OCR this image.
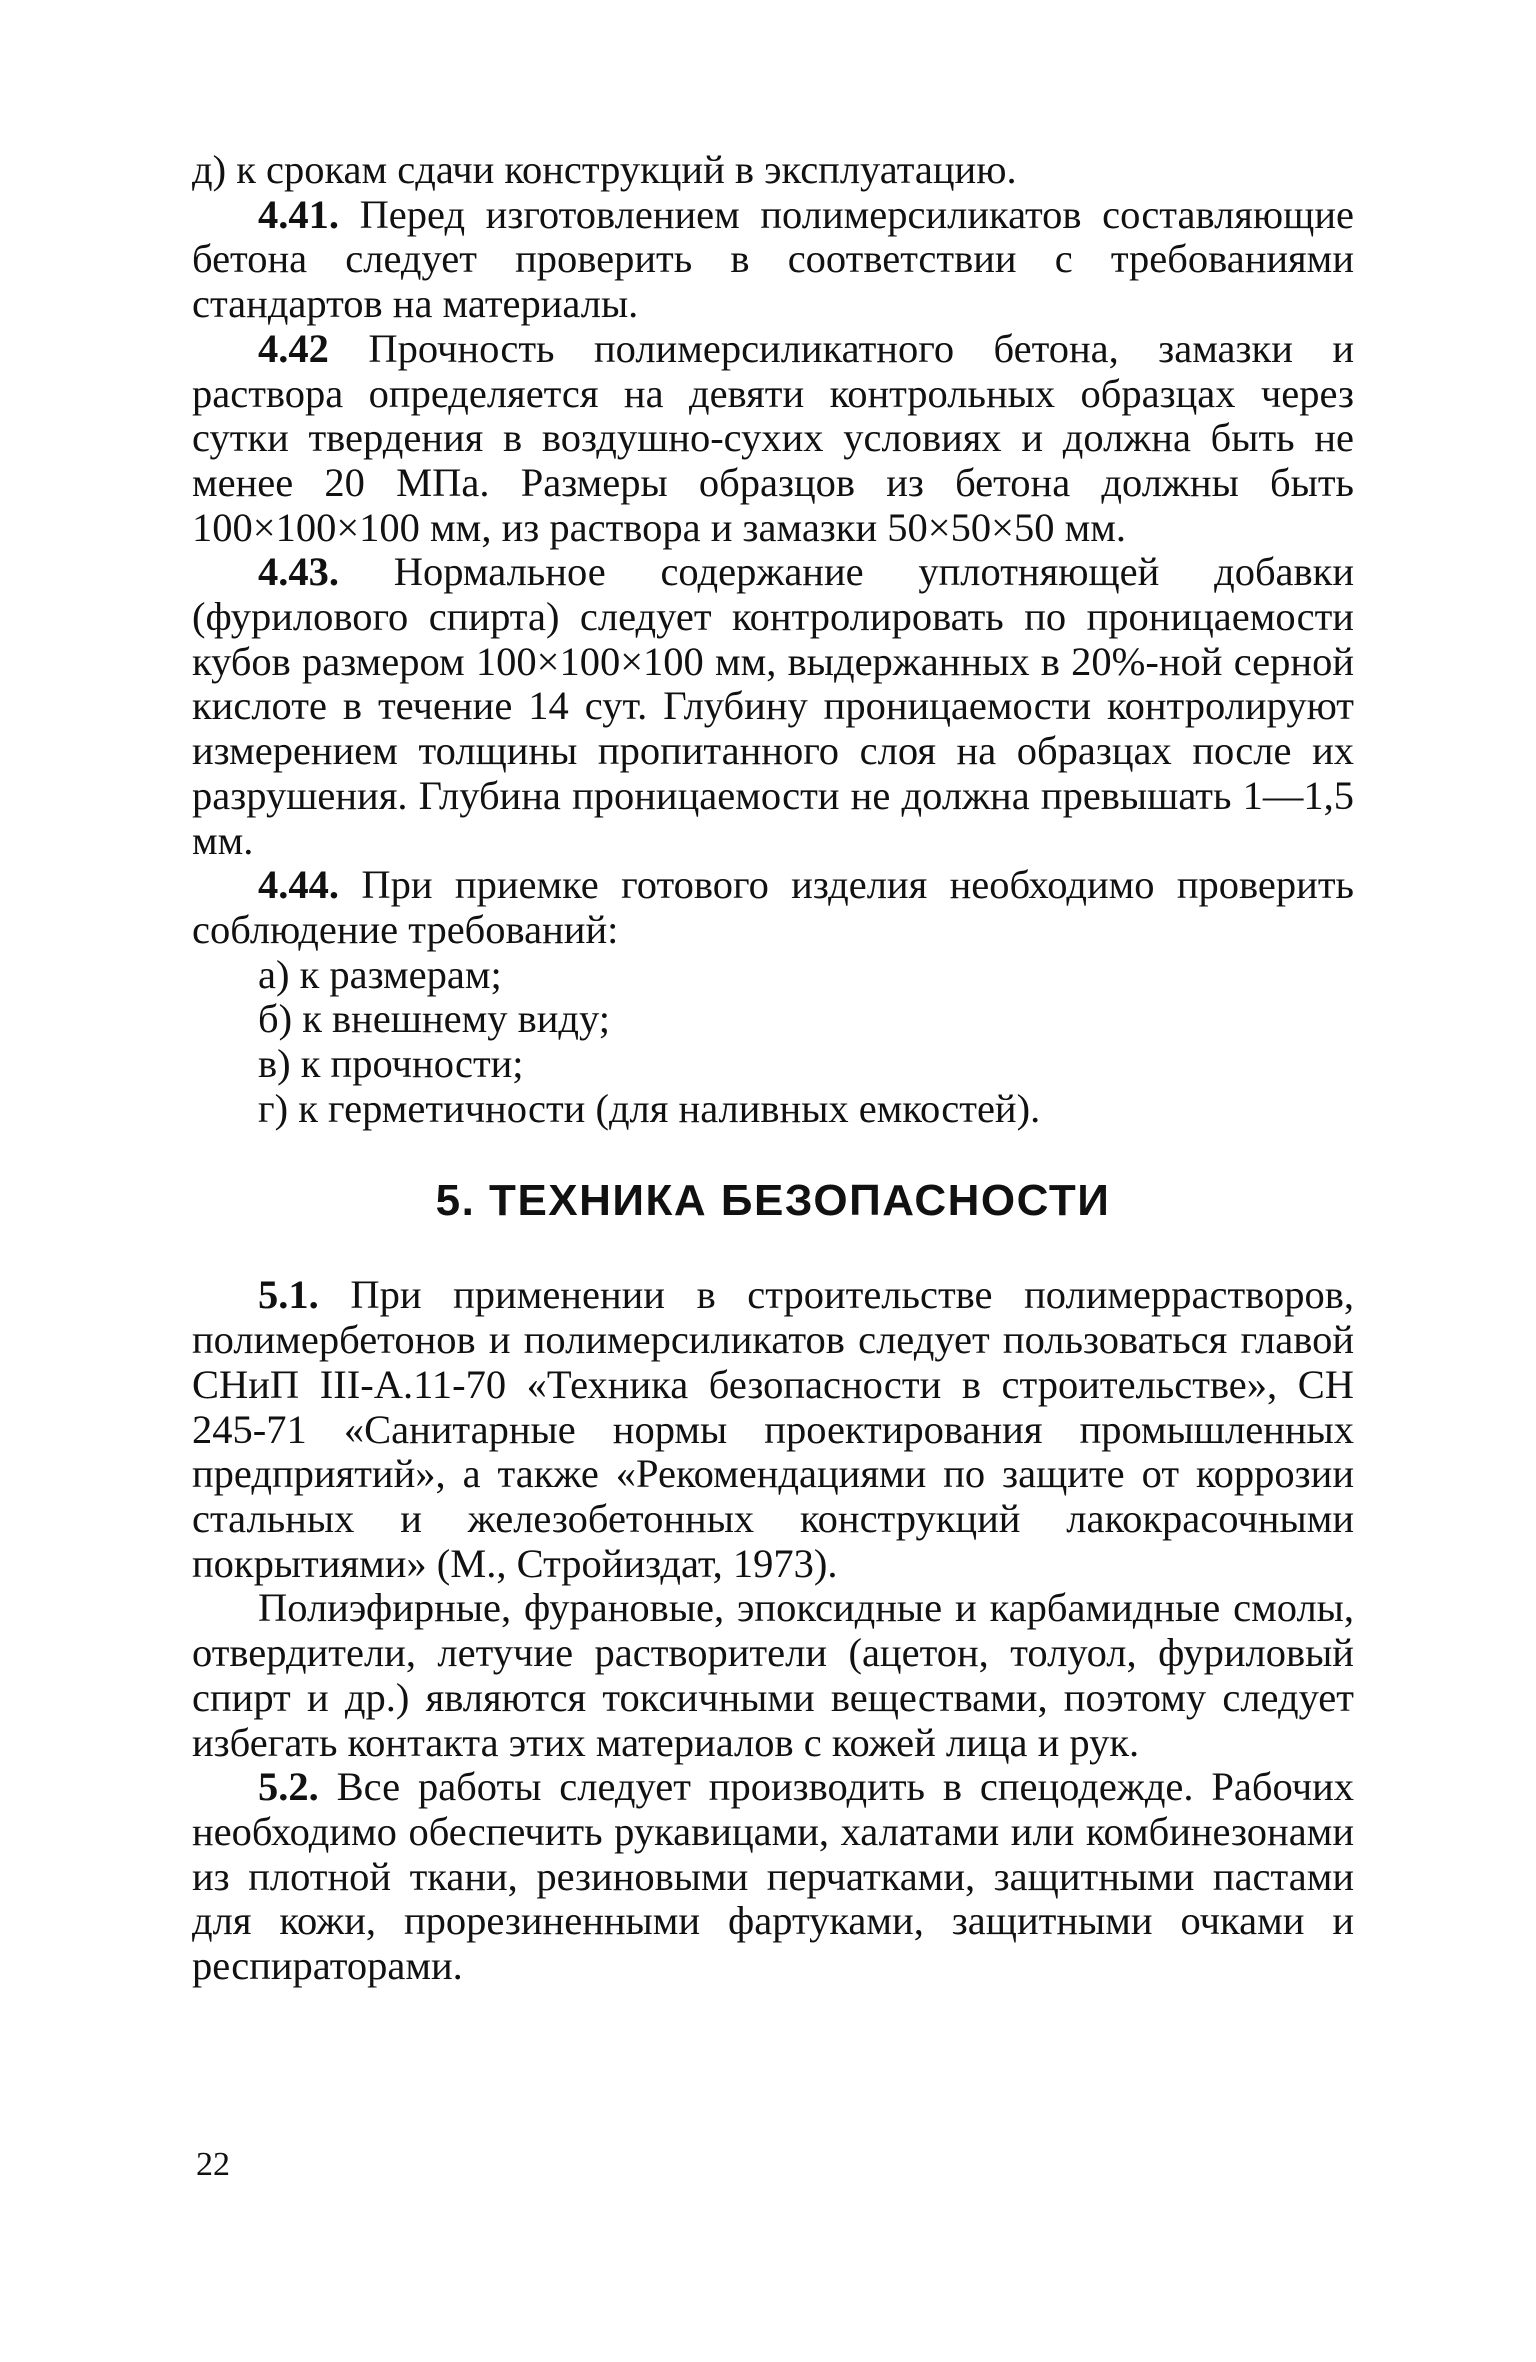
д) к срокам сдачи конструкций в эксплуатацию.

4.41. Перед изготовлением полимерсиликатов составляющие бетона следует проверить в соответствии с требованиями стандартов на материалы.

4.42 Прочность полимерсиликатного бетона, замазки и раствора определяется на девяти контрольных образцах через сутки твердения в воздушно-сухих условиях и должна быть не менее 20 МПа. Размеры образцов из бетона должны быть 100×100×100 мм, из раствора и замазки 50×50×50 мм.

4.43. Нормальное содержание уплотняющей добавки (фурилового спирта) следует контролировать по проницаемости кубов размером 100×100×100 мм, выдержанных в 20%-ной серной кислоте в течение 14 сут. Глубину проницаемости контролируют измерением толщины пропитанного слоя на образцах после их разрушения. Глубина проницаемости не должна превышать 1—1,5 мм.

4.44. При приемке готового изделия необходимо проверить соблюдение требований:

а) к размерам;

б) к внешнему виду;

в) к прочности;

г) к герметичности (для наливных емкостей).

5. ТЕХНИКА БЕЗОПАСНОСТИ

5.1. При применении в строительстве полимеррастворов, полимербетонов и полимерсиликатов следует пользоваться главой СНиП III-А.11-70 «Техника безопасности в строительстве», СН 245-71 «Санитарные нормы проектирования промышленных предприятий», а также «Рекомендациями по защите от коррозии стальных и железобетонных конструкций лакокрасочными покрытиями» (М., Стройиздат, 1973).

Полиэфирные, фурановые, эпоксидные и карбамидные смолы, отвердители, летучие растворители (ацетон, толуол, фуриловый спирт и др.) являются токсичными веществами, поэтому следует избегать контакта этих материалов с кожей лица и рук.

5.2. Все работы следует производить в спецодежде. Рабочих необходимо обеспечить рукавицами, халатами или комбинезонами из плотной ткани, резиновыми перчатками, защитными пастами для кожи, прорезиненными фартуками, защитными очками и респираторами.

22
